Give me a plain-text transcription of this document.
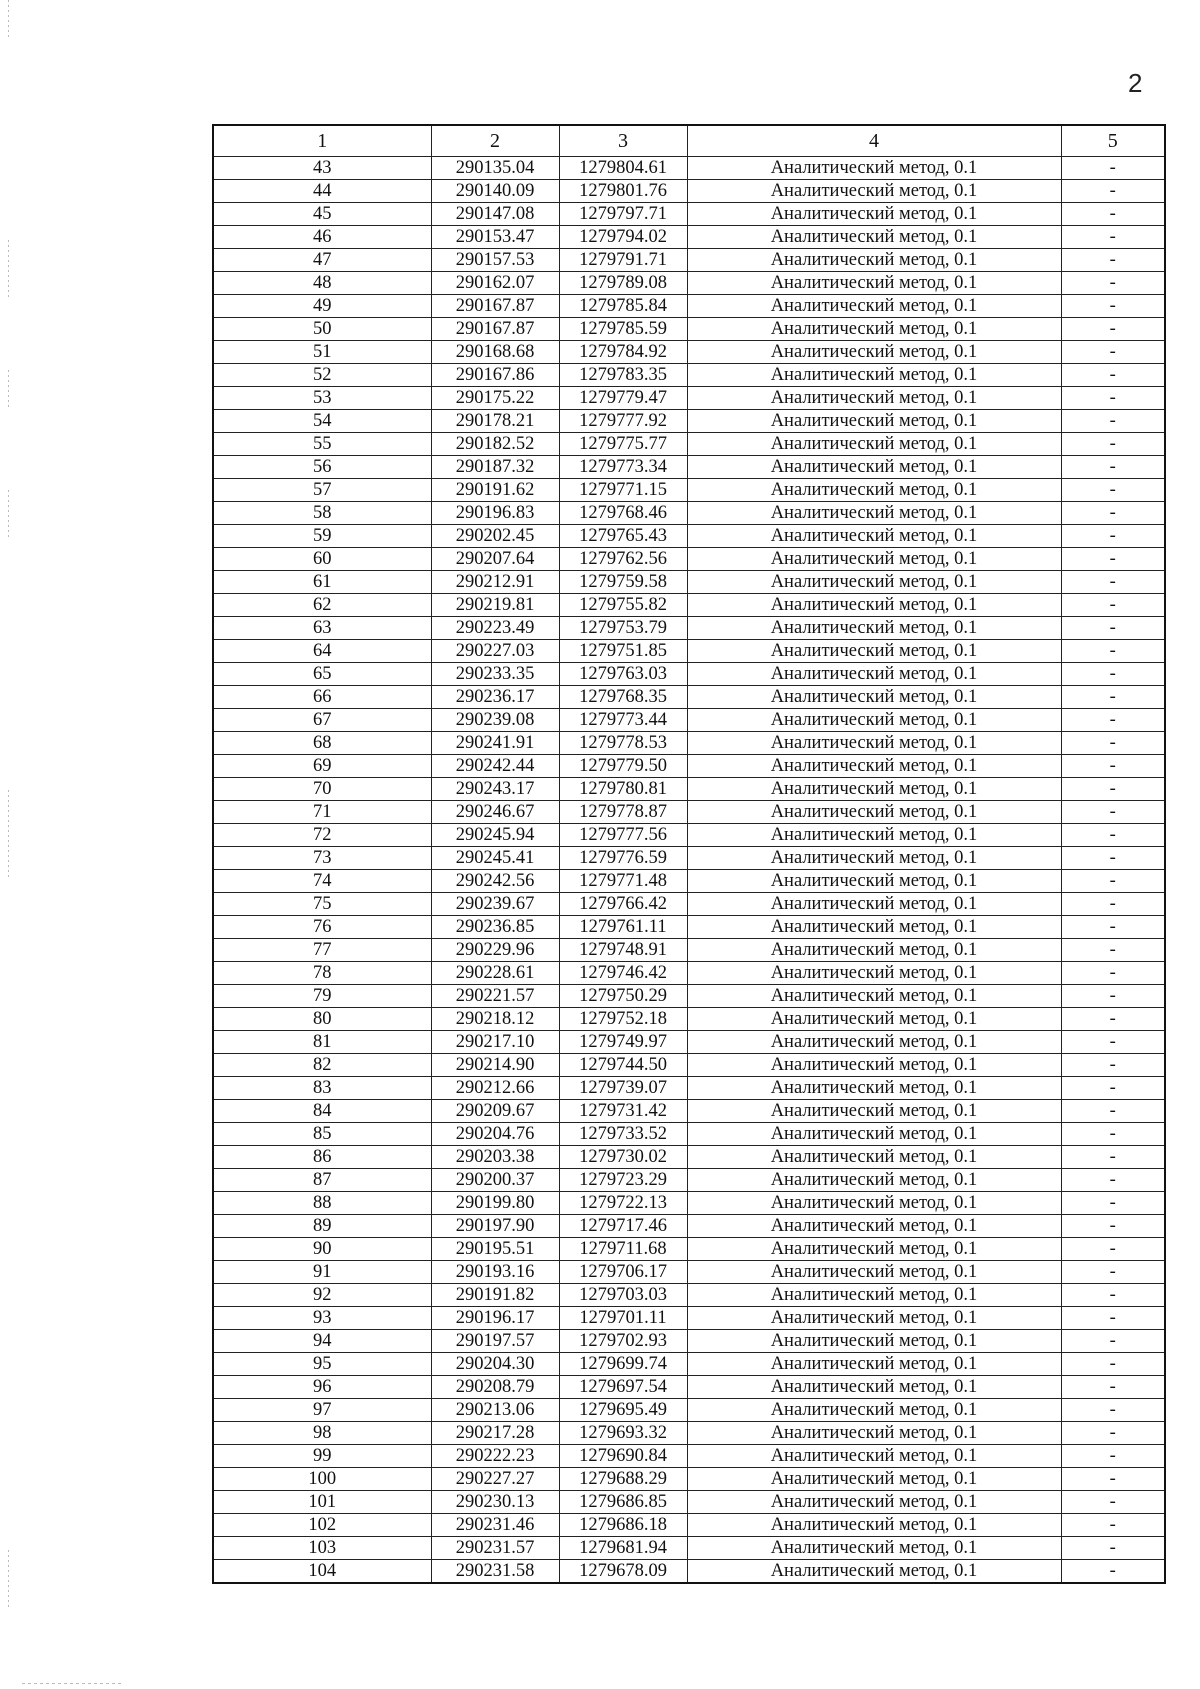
2
1	2	3	4	5
43	290135.04	1279804.61	Аналитический метод, 0.1	-
44	290140.09	1279801.76	Аналитический метод, 0.1	-
45	290147.08	1279797.71	Аналитический метод, 0.1	-
46	290153.47	1279794.02	Аналитический метод, 0.1	-
47	290157.53	1279791.71	Аналитический метод, 0.1	-
48	290162.07	1279789.08	Аналитический метод, 0.1	-
49	290167.87	1279785.84	Аналитический метод, 0.1	-
50	290167.87	1279785.59	Аналитический метод, 0.1	-
51	290168.68	1279784.92	Аналитический метод, 0.1	-
52	290167.86	1279783.35	Аналитический метод, 0.1	-
53	290175.22	1279779.47	Аналитический метод, 0.1	-
54	290178.21	1279777.92	Аналитический метод, 0.1	-
55	290182.52	1279775.77	Аналитический метод, 0.1	-
56	290187.32	1279773.34	Аналитический метод, 0.1	-
57	290191.62	1279771.15	Аналитический метод, 0.1	-
58	290196.83	1279768.46	Аналитический метод, 0.1	-
59	290202.45	1279765.43	Аналитический метод, 0.1	-
60	290207.64	1279762.56	Аналитический метод, 0.1	-
61	290212.91	1279759.58	Аналитический метод, 0.1	-
62	290219.81	1279755.82	Аналитический метод, 0.1	-
63	290223.49	1279753.79	Аналитический метод, 0.1	-
64	290227.03	1279751.85	Аналитический метод, 0.1	-
65	290233.35	1279763.03	Аналитический метод, 0.1	-
66	290236.17	1279768.35	Аналитический метод, 0.1	-
67	290239.08	1279773.44	Аналитический метод, 0.1	-
68	290241.91	1279778.53	Аналитический метод, 0.1	-
69	290242.44	1279779.50	Аналитический метод, 0.1	-
70	290243.17	1279780.81	Аналитический метод, 0.1	-
71	290246.67	1279778.87	Аналитический метод, 0.1	-
72	290245.94	1279777.56	Аналитический метод, 0.1	-
73	290245.41	1279776.59	Аналитический метод, 0.1	-
74	290242.56	1279771.48	Аналитический метод, 0.1	-
75	290239.67	1279766.42	Аналитический метод, 0.1	-
76	290236.85	1279761.11	Аналитический метод, 0.1	-
77	290229.96	1279748.91	Аналитический метод, 0.1	-
78	290228.61	1279746.42	Аналитический метод, 0.1	-
79	290221.57	1279750.29	Аналитический метод, 0.1	-
80	290218.12	1279752.18	Аналитический метод, 0.1	-
81	290217.10	1279749.97	Аналитический метод, 0.1	-
82	290214.90	1279744.50	Аналитический метод, 0.1	-
83	290212.66	1279739.07	Аналитический метод, 0.1	-
84	290209.67	1279731.42	Аналитический метод, 0.1	-
85	290204.76	1279733.52	Аналитический метод, 0.1	-
86	290203.38	1279730.02	Аналитический метод, 0.1	-
87	290200.37	1279723.29	Аналитический метод, 0.1	-
88	290199.80	1279722.13	Аналитический метод, 0.1	-
89	290197.90	1279717.46	Аналитический метод, 0.1	-
90	290195.51	1279711.68	Аналитический метод, 0.1	-
91	290193.16	1279706.17	Аналитический метод, 0.1	-
92	290191.82	1279703.03	Аналитический метод, 0.1	-
93	290196.17	1279701.11	Аналитический метод, 0.1	-
94	290197.57	1279702.93	Аналитический метод, 0.1	-
95	290204.30	1279699.74	Аналитический метод, 0.1	-
96	290208.79	1279697.54	Аналитический метод, 0.1	-
97	290213.06	1279695.49	Аналитический метод, 0.1	-
98	290217.28	1279693.32	Аналитический метод, 0.1	-
99	290222.23	1279690.84	Аналитический метод, 0.1	-
100	290227.27	1279688.29	Аналитический метод, 0.1	-
101	290230.13	1279686.85	Аналитический метод, 0.1	-
102	290231.46	1279686.18	Аналитический метод, 0.1	-
103	290231.57	1279681.94	Аналитический метод, 0.1	-
104	290231.58	1279678.09	Аналитический метод, 0.1	-
